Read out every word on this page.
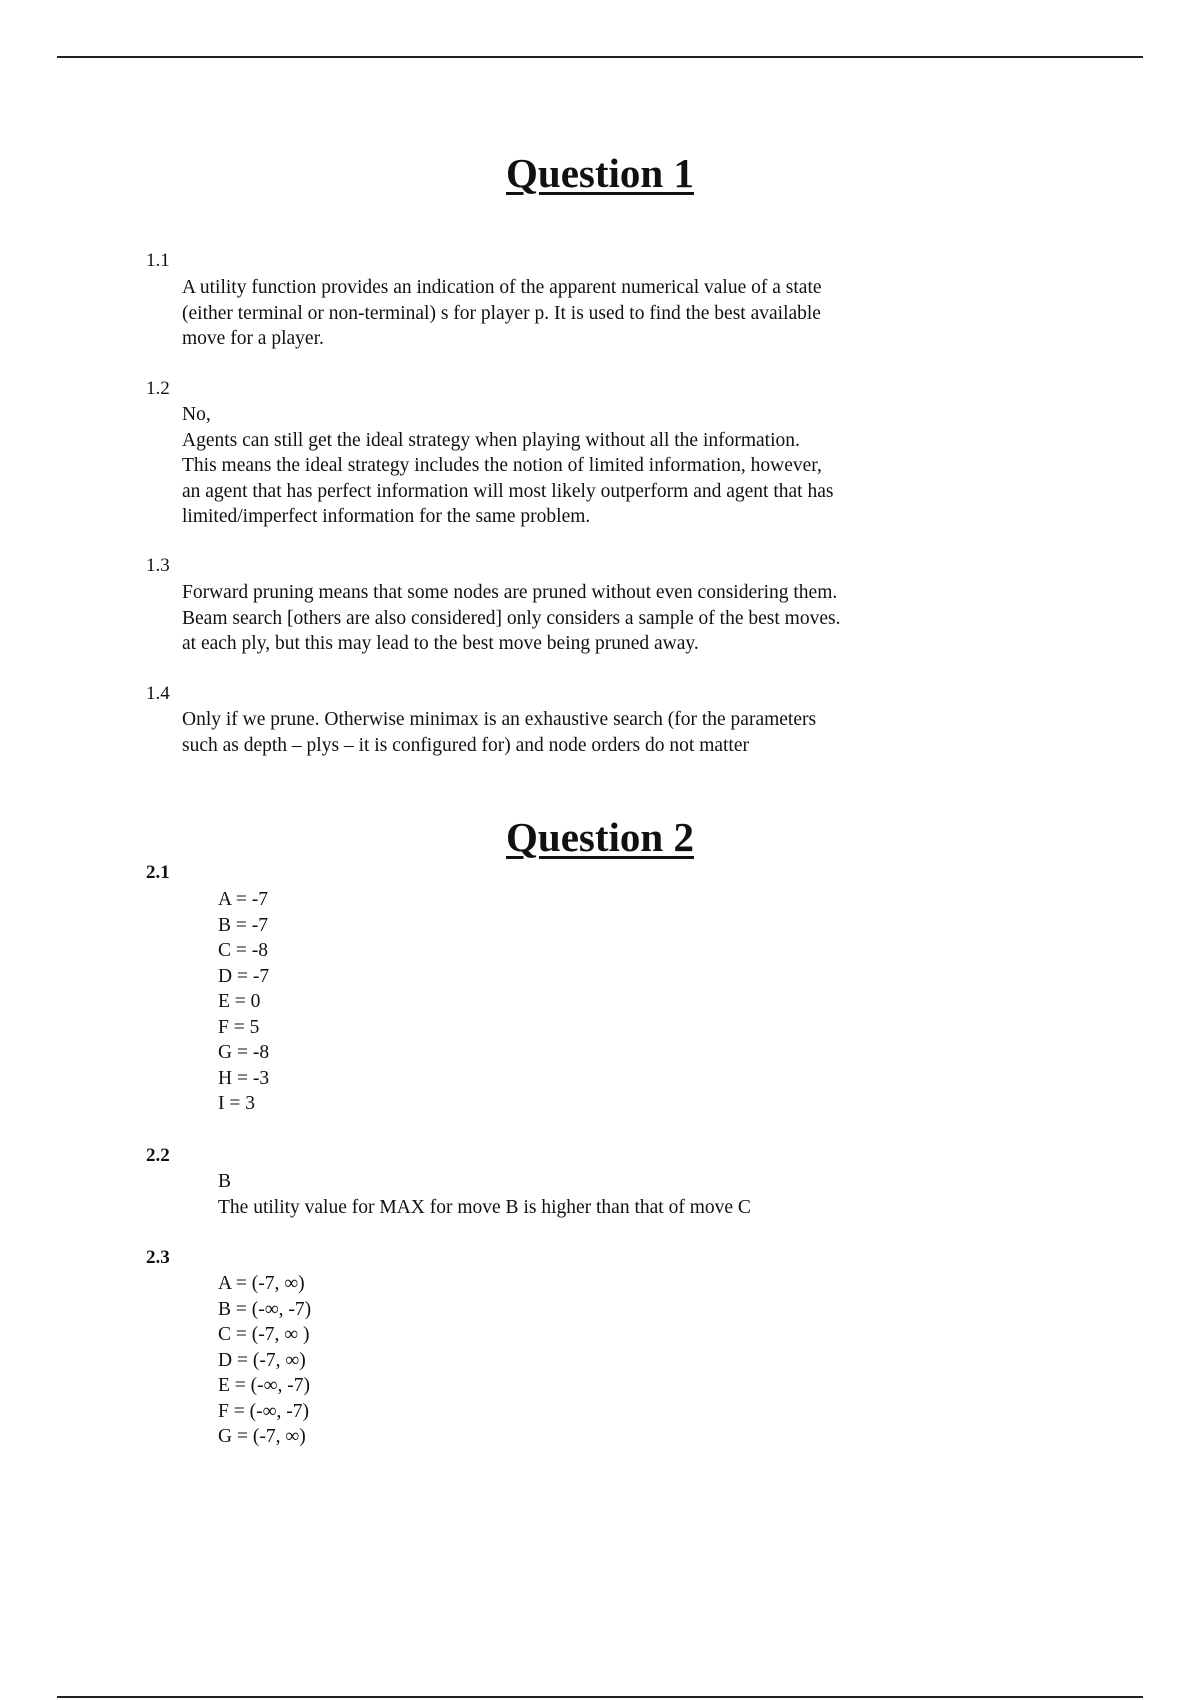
Question 1
1.1
A utility function provides an indication of the apparent numerical value of a state
(either terminal or non-terminal) s for player p. It is used to find the best available
move for a player.
1.2
No,
Agents can still get the ideal strategy when playing without all the information.
This means the ideal strategy includes the notion of limited information, however,
an agent that has perfect information will most likely outperform and agent that has
limited/imperfect information for the same problem.
1.3
Forward pruning means that some nodes are pruned without even considering them.
Beam search [others are also considered] only considers a sample of the best moves.
at each ply, but this may lead to the best move being pruned away.
1.4
Only if we prune. Otherwise minimax is an exhaustive search (for the parameters
such as depth – plys – it is configured for) and node orders do not matter
Question 2
2.1
A = -7
B = -7
C = -8
D = -7
E = 0
F = 5
G = -8
H = -3
I = 3
2.2
B
The utility value for MAX for move B is higher than that of move C
2.3
A = (-7, ∞)
B = (-∞, -7)
C = (-7, ∞ )
D = (-7, ∞)
E = (-∞, -7)
F = (-∞, -7)
G = (-7, ∞)
